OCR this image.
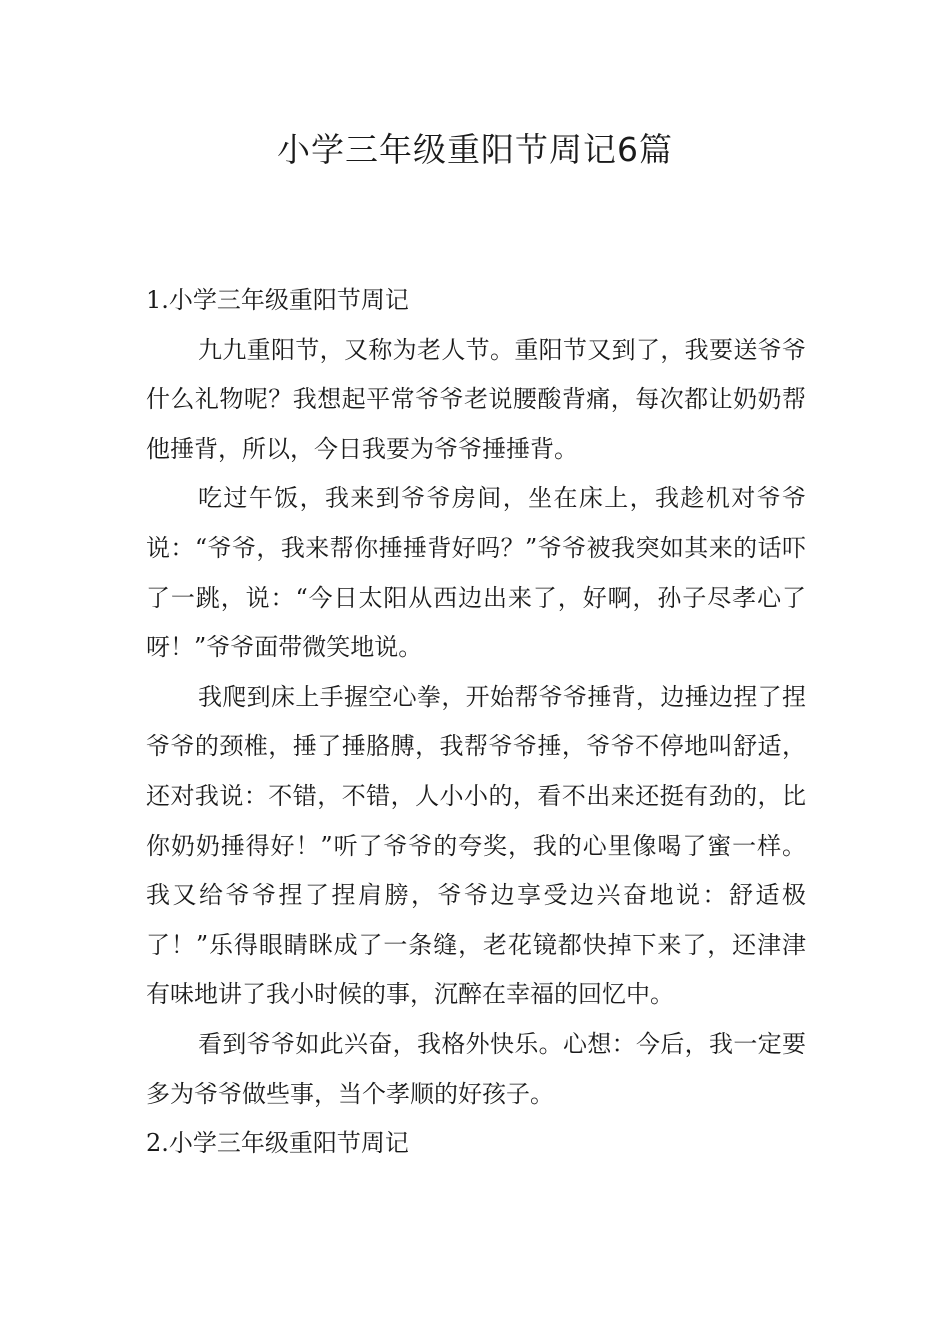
小学三年级重阳节周记6篇
1.小学三年级重阳节周记

九九重阳节，又称为老人节。重阳节又到了，我要送爷爷什么礼物呢？我想起平常爷爷老说腰酸背痛，每次都让奶奶帮他捶背，所以，今日我要为爷爷捶捶背。

吃过午饭，我来到爷爷房间，坐在床上，我趁机对爷爷说：“爷爷，我来帮你捶捶背好吗？”爷爷被我突如其来的话吓了一跳，说：“今日太阳从西边出来了，好啊，孙子尽孝心了呀！”爷爷面带微笑地说。

我爬到床上手握空心拳，开始帮爷爷捶背，边捶边捏了捏爷爷的颈椎，捶了捶胳膊，我帮爷爷捶，爷爷不停地叫舒适，还对我说：不错，不错，人小小的，看不出来还挺有劲的，比你奶奶捶得好！”听了爷爷的夸奖，我的心里像喝了蜜一样。我又给爷爷捏了捏肩膀，爷爷边享受边兴奋地说：舒适极了！”乐得眼睛眯成了一条缝，老花镜都快掉下来了，还津津有味地讲了我小时候的事，沉醉在幸福的回忆中。

看到爷爷如此兴奋，我格外快乐。心想：今后，我一定要多为爷爷做些事，当个孝顺的好孩子。

2.小学三年级重阳节周记
